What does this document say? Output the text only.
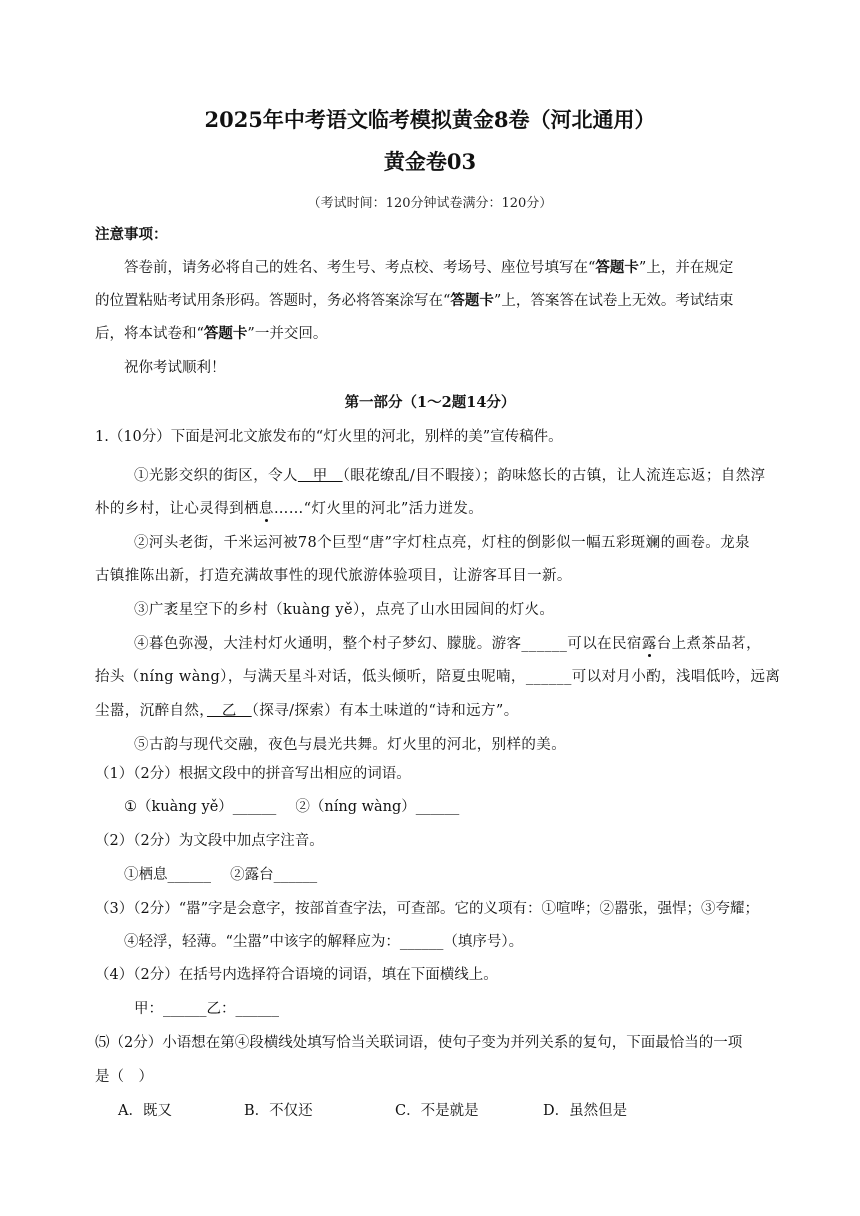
2025年中考语文临考模拟黄金8卷（河北通用）
黄金卷03
（考试时间：120分钟试卷满分：120分）
注意事项：
答卷前，请务必将自己的姓名、考生号、考点校、考场号、座位号填写在“答题卡”上，并在规定
的位置粘贴考试用条形码。答题时，务必将答案涂写在“答题卡”上，答案答在试卷上无效。考试结束
后，将本试卷和“答题卡”一并交回。
祝你考试顺利！
第一部分（1～2题14分）
1.（10分）下面是河北文旅发布的“灯火里的河北，别样的美”宣传稿件。
①光影交织的街区，令人　甲　（眼花缭乱/目不暇接）；韵味悠长的古镇，让人流连忘返；自然淳
朴的乡村，让心灵得到栖息……“灯火里的河北”活力迸发。
②河头老街，千米运河被78个巨型“唐”字灯柱点亮，灯柱的倒影似一幅五彩斑斓的画卷。龙泉
古镇推陈出新，打造充满故事性的现代旅游体验项目，让游客耳目一新。
③广袤星空下的乡村（kuàng yě），点亮了山水田园间的灯火。
④暮色弥漫，大洼村灯火通明，整个村子梦幻、朦胧。游客______可以在民宿露台上煮茶品茗，
抬头（níng wàng），与满天星斗对话，低头倾听，陪夏虫呢喃，______可以对月小酌，浅唱低吟，远离
尘嚣，沉醉自然，　乙　（探寻/探索）有本土味道的“诗和远方”。
⑤古韵与现代交融，夜色与晨光共舞。灯火里的河北，别样的美。
（1）（2分）根据文段中的拼音写出相应的词语。
①（kuàng yě）______　 ②（níng wàng）______
（2）（2分）为文段中加点字注音。
①栖息______　 ②露台______
（3）（2分）“嚣”字是会意字，按部首查字法，可查部。它的义项有：①喧哗；②嚣张，强悍；③夸耀；
④轻浮，轻薄。“尘嚣”中该字的解释应为：______（填序号）。
（4）（2分）在括号内选择符合语境的词语，填在下面横线上。
甲：______乙：______
⑸（2分）小语想在第④段横线处填写恰当关联词语，使句子变为并列关系的复句，下面最恰当的一项
是（　）
A．既又	B．不仅还	C．不是就是	D．虽然但是
